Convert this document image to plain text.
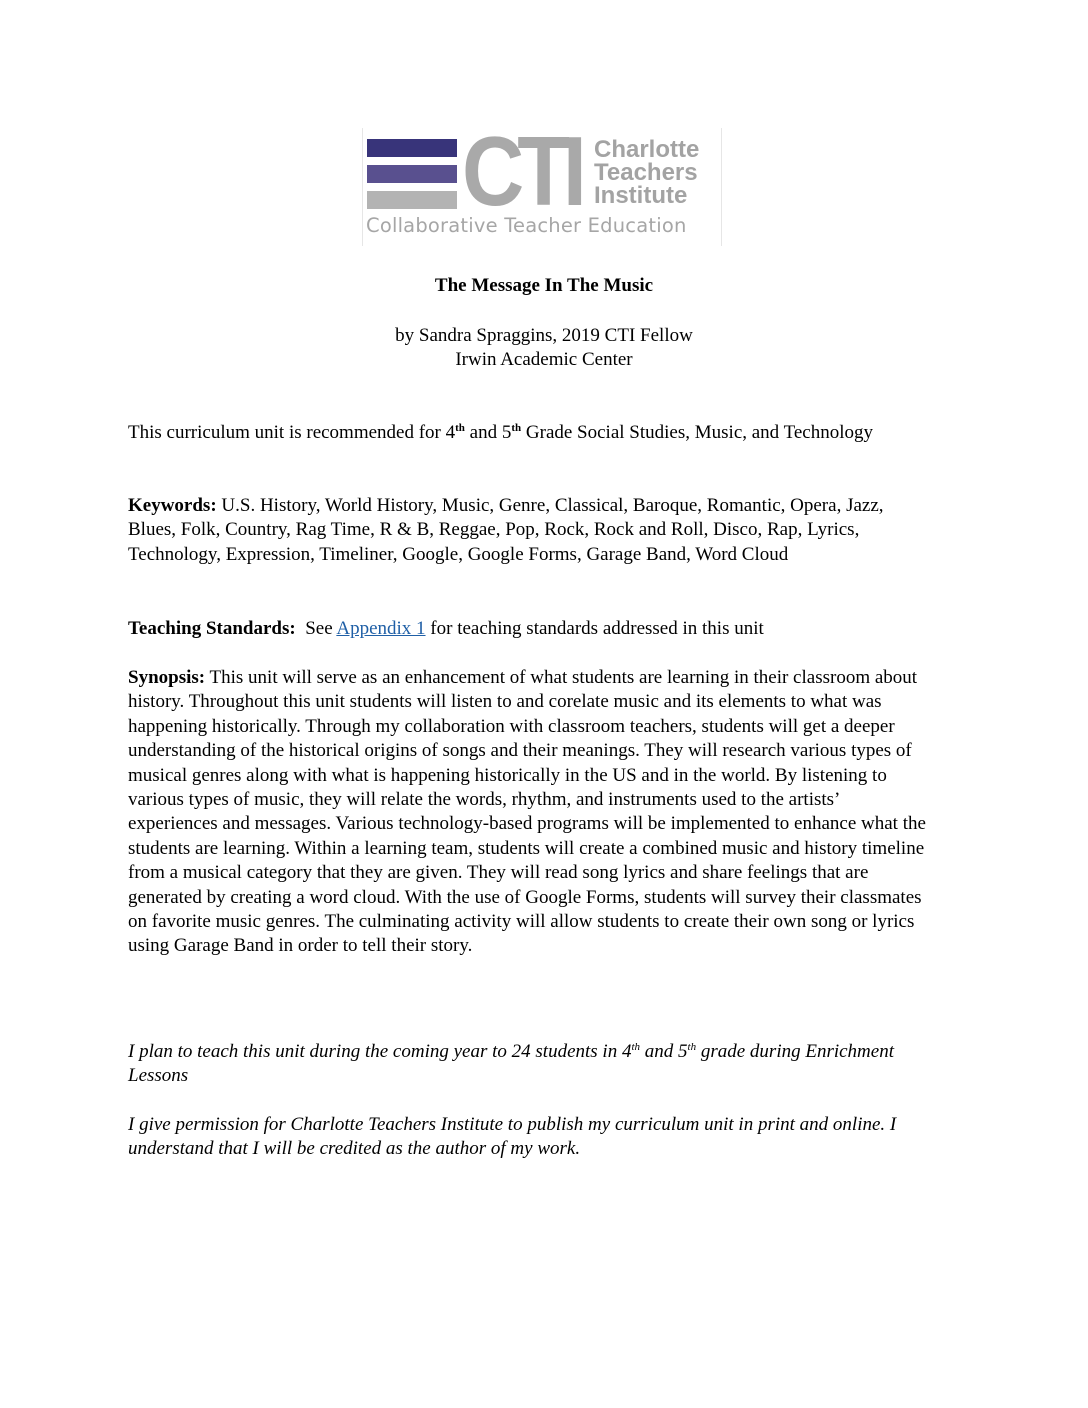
CTI Charlotte
Teachers
Institute
Collaborative Teacher Education
The Message In The Music
by Sandra Spraggins, 2019 CTI Fellow
Irwin Academic Center
This curriculum unit is recommended for 4th and 5th Grade Social Studies, Music, and Technology
Keywords: U.S. History, World History, Music, Genre, Classical, Baroque, Romantic, Opera, Jazz, Blues, Folk, Country, Rag Time, R & B, Reggae, Pop, Rock, Rock and Roll, Disco, Rap, Lyrics, Technology, Expression, Timeliner, Google, Google Forms, Garage Band, Word Cloud
Teaching Standards:  See Appendix 1 for teaching standards addressed in this unit
Synopsis: This unit will serve as an enhancement of what students are learning in their classroom about history. Throughout this unit students will listen to and corelate music and its elements to what was happening historically. Through my collaboration with classroom teachers, students will get a deeper understanding of the historical origins of songs and their meanings. They will research various types of musical genres along with what is happening historically in the US and in the world. By listening to various types of music, they will relate the words, rhythm, and instruments used to the artists’ experiences and messages. Various technology-based programs will be implemented to enhance what the students are learning. Within a learning team, students will create a combined music and history timeline from a musical category that they are given. They will read song lyrics and share feelings that are generated by creating a word cloud. With the use of Google Forms, students will survey their classmates on favorite music genres. The culminating activity will allow students to create their own song or lyrics using Garage Band in order to tell their story.
I plan to teach this unit during the coming year to 24 students in 4th and 5th grade during Enrichment Lessons
I give permission for Charlotte Teachers Institute to publish my curriculum unit in print and online. I understand that I will be credited as the author of my work.
